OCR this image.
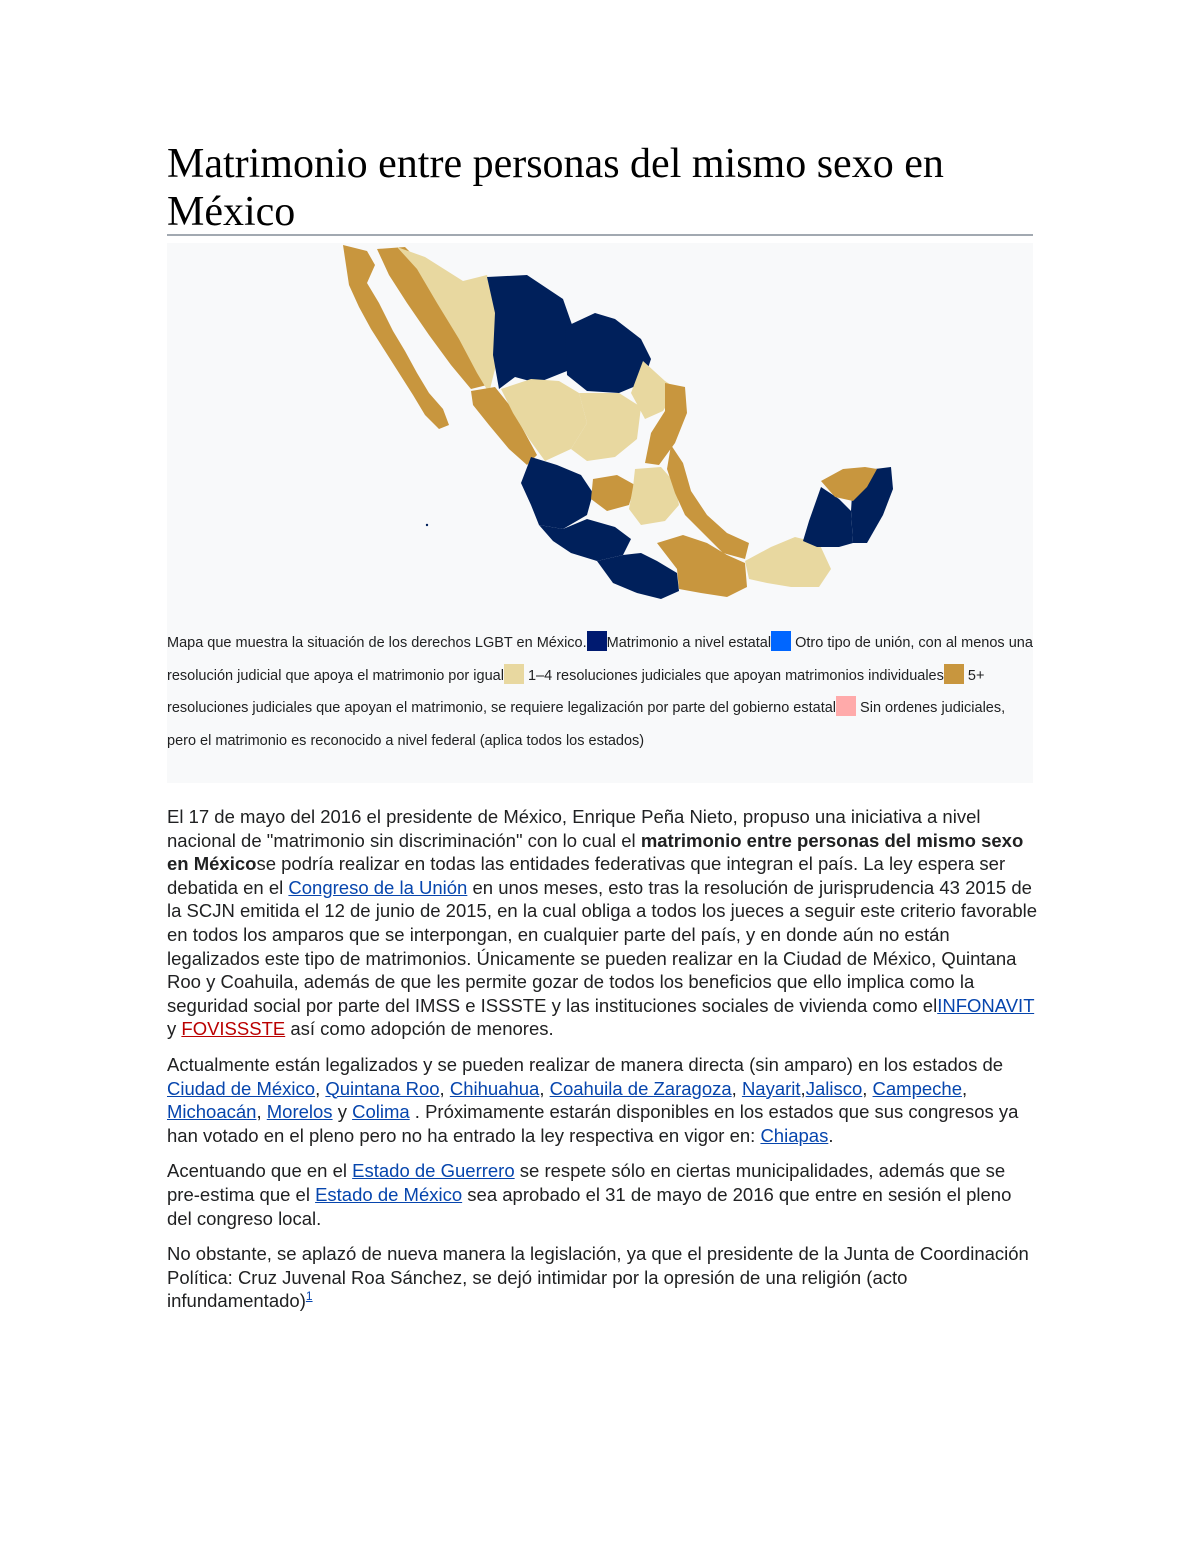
Matrimonio entre personas del mismo sexo en México
Mapa que muestra la situación de los derechos LGBT en México. Matrimonio a nivel estatal Otro tipo de unión, con al menos una resolución judicial que apoya el matrimonio por igual 1–4 resoluciones judiciales que apoyan matrimonios individuales 5+ resoluciones judiciales que apoyan el matrimonio, se requiere legalización por parte del gobierno estatal Sin ordenes judiciales, pero el matrimonio es reconocido a nivel federal (aplica todos los estados)

El 17 de mayo del 2016 el presidente de México, Enrique Peña Nieto, propuso una iniciativa a nivel nacional de "matrimonio sin discriminación" con lo cual el matrimonio entre personas del mismo sexo en Méxicose podría realizar en todas las entidades federativas que integran el país. La ley espera ser debatida en el Congreso de la Unión en unos meses, esto tras la resolución de jurisprudencia 43 2015 de la SCJN emitida el 12 de junio de 2015, en la cual obliga a todos los jueces a seguir este criterio favorable en todos los amparos que se interpongan, en cualquier parte del país, y en donde aún no están legalizados este tipo de matrimonios. Únicamente se pueden realizar en la Ciudad de México, Quintana Roo y Coahuila, además de que les permite gozar de todos los beneficios que ello implica como la seguridad social por parte del IMSS e ISSSTE y las instituciones sociales de vivienda como elINFONAVIT y FOVISSSTE así como adopción de menores.

Actualmente están legalizados y se pueden realizar de manera directa (sin amparo) en los estados de Ciudad de México, Quintana Roo, Chihuahua, Coahuila de Zaragoza, Nayarit,Jalisco, Campeche, Michoacán, Morelos y Colima . Próximamente estarán disponibles en los estados que sus congresos ya han votado en el pleno pero no ha entrado la ley respectiva en vigor en: Chiapas.

Acentuando que en el Estado de Guerrero se respete sólo en ciertas municipalidades, además que se pre-estima que el Estado de México sea aprobado el 31 de mayo de 2016 que entre en sesión el pleno del congreso local.

No obstante, se aplazó de nueva manera la legislación, ya que el presidente de la Junta de Coordinación Política: Cruz Juvenal Roa Sánchez, se dejó intimidar por la opresión de una religión (acto infundamentado)$^1$
